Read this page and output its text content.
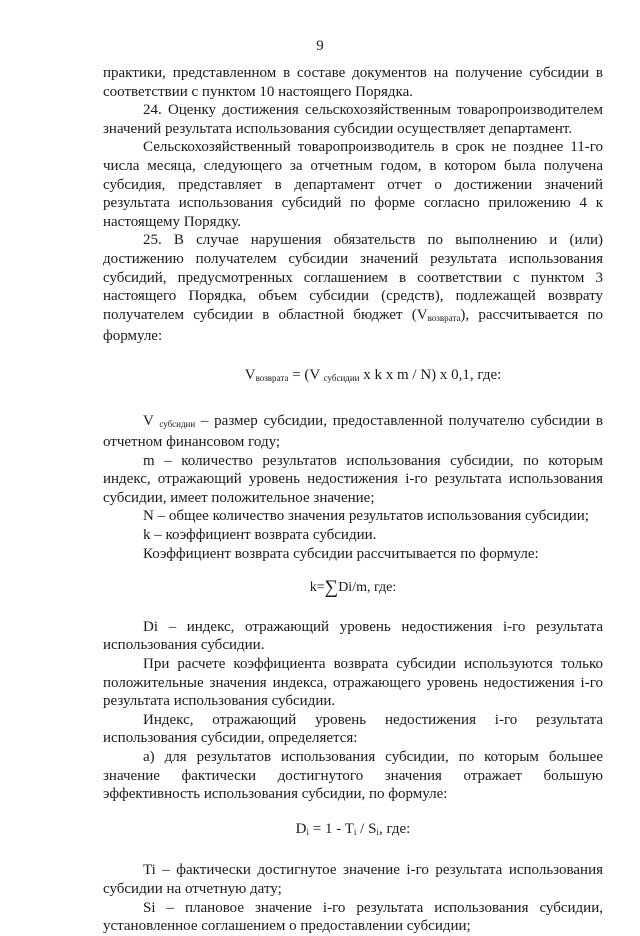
9

практики, представленном в составе документов на получение субсидии в соответствии с пунктом 10 настоящего Порядка.

24. Оценку достижения сельскохозяйственным товаропроизводителем значений результата использования субсидии осуществляет департамент.

Сельскохозяйственный товаропроизводитель в срок не позднее 11-го числа месяца, следующего за отчетным годом, в котором была получена субсидия, представляет в департамент отчет о достижении значений результата использования субсидий по форме согласно приложению 4 к настоящему Порядку.

25. В случае нарушения обязательств по выполнению и (или) достижению получателем субсидии значений результата использования субсидий, предусмотренных соглашением в соответствии с пунктом 3 настоящего Порядка, объем субсидии (средств), подлежащей возврату получателем субсидии в областной бюджет $(V_{возврата})$, рассчитывается по формуле:

$V_{возврата} = (V$ $_{субсидии}$ x k x m / N) x 0,1, где:

V $_{субсидии}$ – размер субсидии, предоставленной получателю субсидии в отчетном финансовом году;

m – количество результатов использования субсидии, по которым индекс, отражающий уровень недостижения i-го результата использования субсидии, имеет положительное значение;

N – общее количество значения результатов использования субсидии;

k – коэффициент возврата субсидии.

Коэффициент возврата субсидии рассчитывается по формуле:

k=∑Di/m, где:

Di – индекс, отражающий уровень недостижения i-го результата использования субсидии.

При расчете коэффициента возврата субсидии используются только положительные значения индекса, отражающего уровень недостижения i-го результата использования субсидии.

Индекс, отражающий уровень недостижения i-го результата использования субсидии, определяется:

а) для результатов использования субсидии, по которым большее значение фактически достигнутого значения отражает большую эффективность использования субсидии, по формуле:

$D_i = 1 - T_i / S_i$, где:

Ti – фактически достигнутое значение i-го результата использования субсидии на отчетную дату;

Si – плановое значение i-го результата использования субсидии, установленное соглашением о предоставлении субсидии;
